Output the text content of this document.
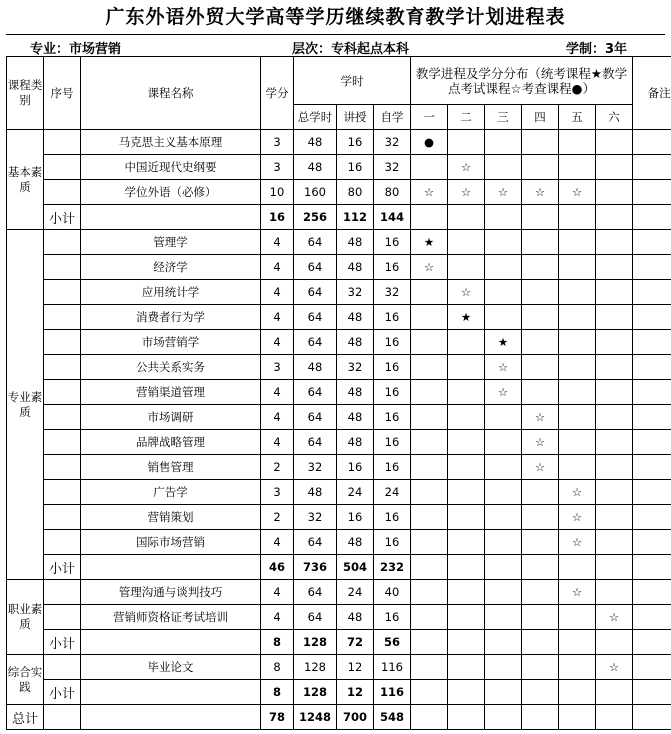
广东外语外贸大学高等学历继续教育教学计划进程表
专业：市场营销	层次：专科起点本科	学制：3年
课程类别	序号	课程名称	学分	学时			教学进程及学分分布（统考课程★教学点考试课程☆考查课程●）						备注
				总学时	讲授	自学	一	二	三	四	五	六	
基本素质		马克思主义基本原理	3	48	16	32	●						
		中国近现代史纲要	3	48	16	32		☆					
		学位外语（必修）	10	160	80	80	☆	☆	☆	☆	☆		
	小计		16	256	112	144							
专业素质		管理学	4	64	48	16	★						
		经济学	4	64	48	16	☆						
		应用统计学	4	64	32	32		☆					
		消费者行为学	4	64	48	16		★					
		市场营销学	4	64	48	16			★				
		公共关系实务	3	48	32	16			☆				
		营销渠道管理	4	64	48	16			☆				
		市场调研	4	64	48	16				☆			
		品牌战略管理	4	64	48	16				☆			
		销售管理	2	32	16	16				☆			
		广告学	3	48	24	24					☆		
		营销策划	2	32	16	16					☆		
		国际市场营销	4	64	48	16					☆		
	小计		46	736	504	232							
职业素质		管理沟通与谈判技巧	4	64	24	40					☆		
		营销师资格证考试培训	4	64	48	16						☆	
	小计		8	128	72	56							
综合实践		毕业论文	8	128	12	116						☆	
	小计		8	128	12	116							
总计			78	1248	700	548							
